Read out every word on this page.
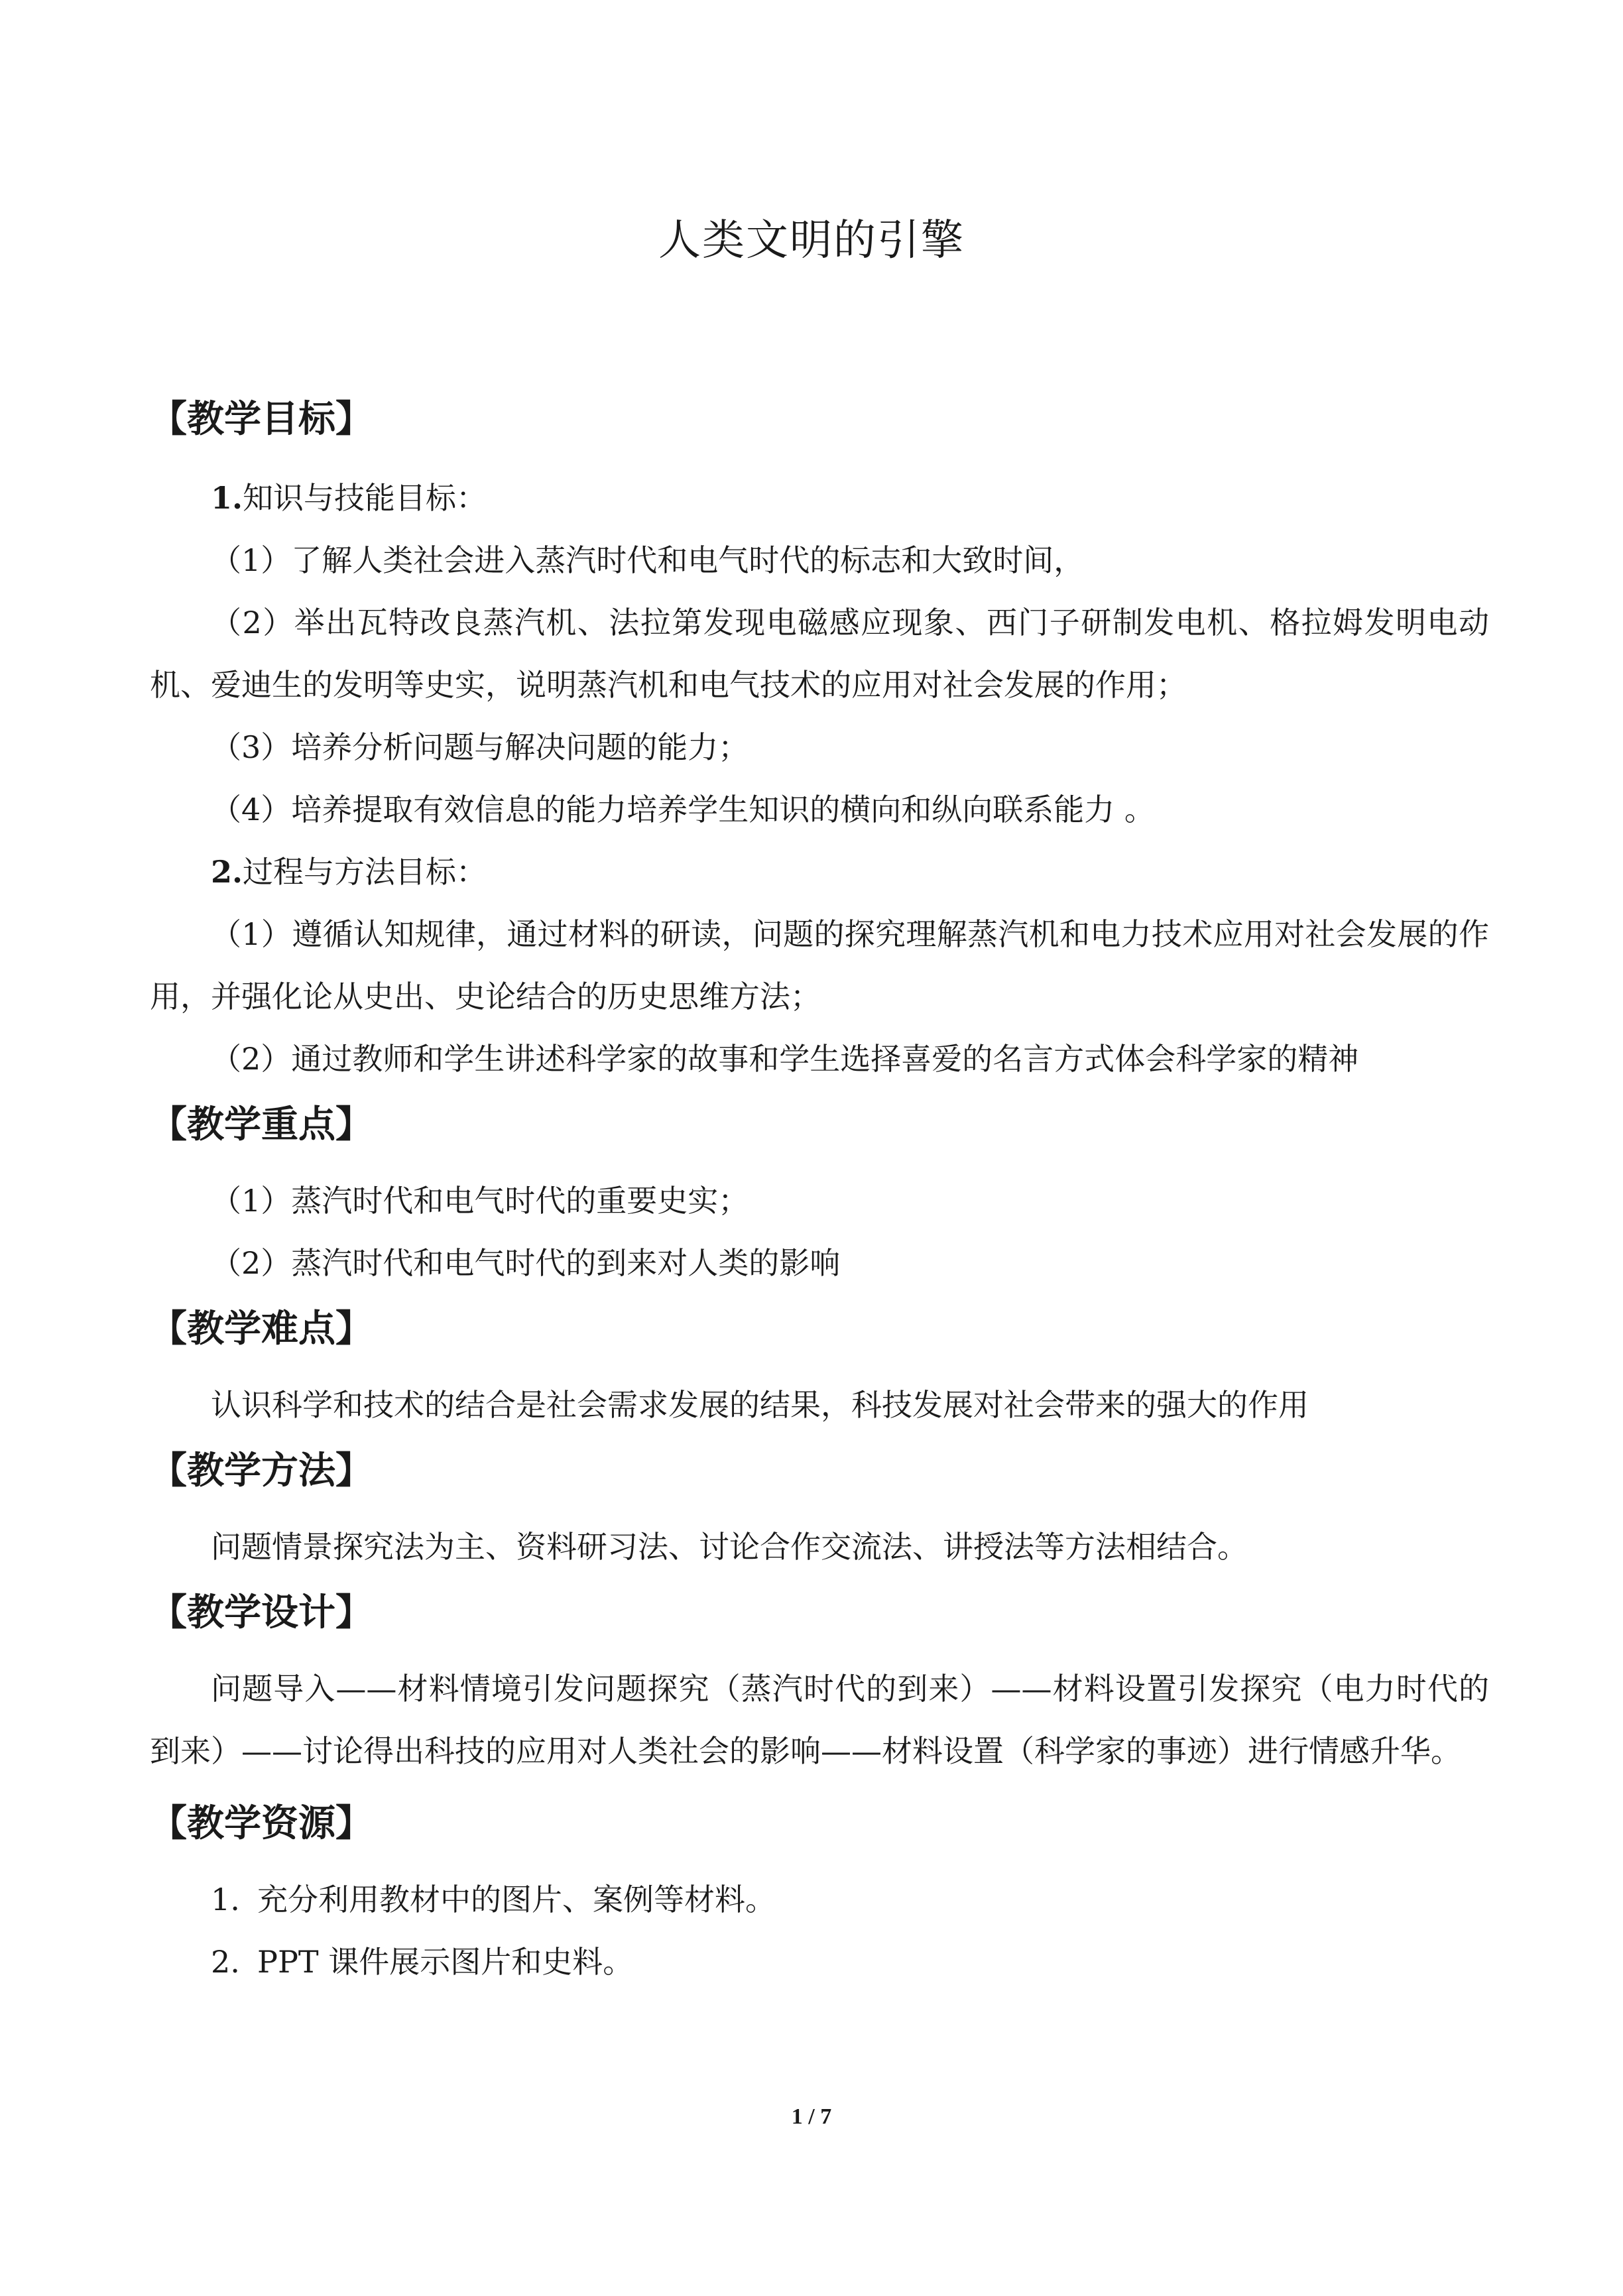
人类文明的引擎
【教学目标】

1.知识与技能目标：

（1）了解人类社会进入蒸汽时代和电气时代的标志和大致时间，

（2）举出瓦特改良蒸汽机、法拉第发现电磁感应现象、西门子研制发电机、格拉姆发明电动机、爱迪生的发明等史实，说明蒸汽机和电气技术的应用对社会发展的作用；

（3）培养分析问题与解决问题的能力；

（4）培养提取有效信息的能力培养学生知识的横向和纵向联系能力 。

2.过程与方法目标：

（1）遵循认知规律，通过材料的研读，问题的探究理解蒸汽机和电力技术应用对社会发展的作用，并强化论从史出、史论结合的历史思维方法；

（2）通过教师和学生讲述科学家的故事和学生选择喜爱的名言方式体会科学家的精神

【教学重点】

（1）蒸汽时代和电气时代的重要史实；

（2）蒸汽时代和电气时代的到来对人类的影响

【教学难点】

认识科学和技术的结合是社会需求发展的结果，科技发展对社会带来的强大的作用

【教学方法】

问题情景探究法为主、资料研习法、讨论合作交流法、讲授法等方法相结合。

【教学设计】

问题导入——材料情境引发问题探究（蒸汽时代的到来）——材料设置引发探究（电力时代的到来）——讨论得出科技的应用对人类社会的影响——材料设置（科学家的事迹）进行情感升华。

【教学资源】

1. 充分利用教材中的图片、案例等材料。

2. PPT 课件展示图片和史料。

1 / 7
